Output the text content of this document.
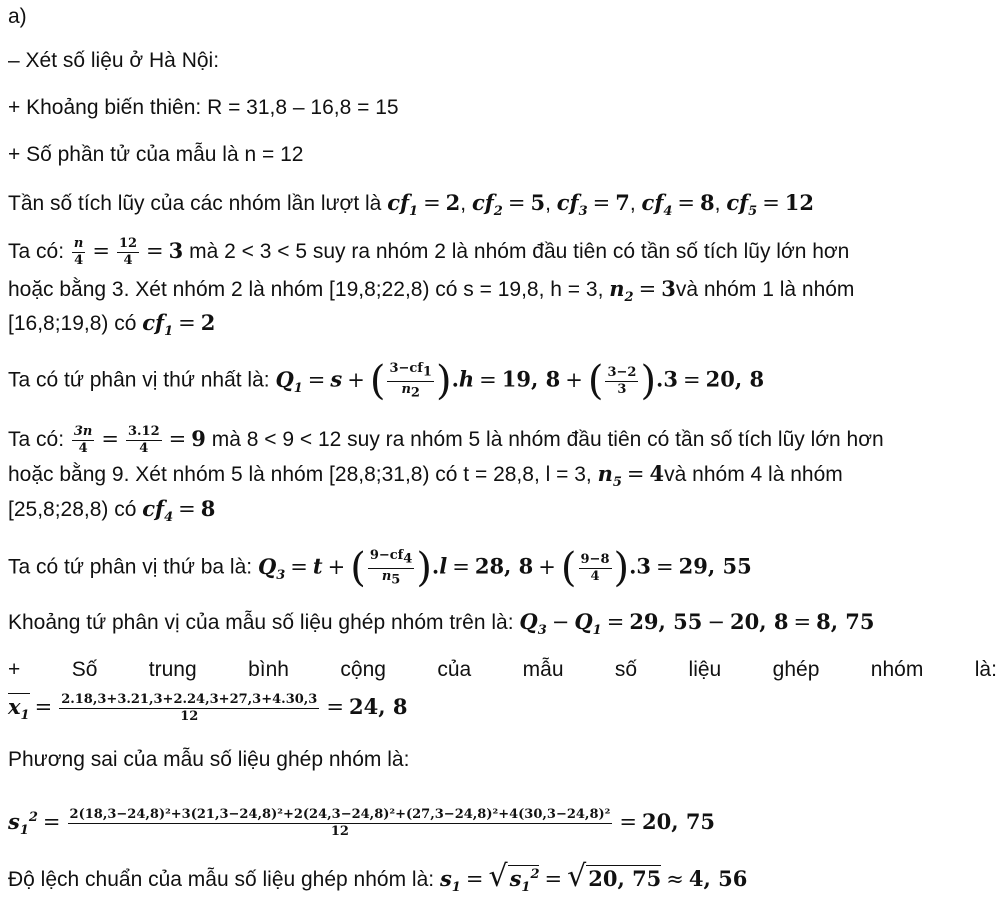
a)
– Xét số liệu ở Hà Nội:
+ Khoảng biến thiên: R = 31,8 – 16,8 = 15
+ Số phần tử của mẫu là n = 12
Tần số tích lũy của các nhóm lần lượt là $cf_1 = 2$, $cf_2 = 5$, $cf_3 = 7$, $cf_4 = 8$, $cf_5 = 12$
Ta có: $\frac{n}{4} = \frac{12}{4} = 3$ mà 2 < 3 < 5 suy ra nhóm 2 là nhóm đầu tiên có tần số tích lũy lớn hơn
hoặc bằng 3. Xét nhóm 2 là nhóm [19,8;22,8) có s = 19,8, h = 3, $n_2$ = 3và nhóm 1 là nhóm
[16,8;19,8) có $cf_1 = 2$
Ta có tứ phân vị thứ nhất là: $Q_1 = s$ + ( $\frac{3-cf_1}{n_2} ).h = 19$, 8 + ( $\frac{3-2}{3} ).3 = 20$, 8
Ta có: $\frac{3n}{4} = \frac{3.12}{4} = 9$ mà 8 < 9 < 12 suy ra nhóm 5 là nhóm đầu tiên có tần số tích lũy lớn hơn
hoặc bằng 9. Xét nhóm 5 là nhóm [28,8;31,8) có t = 28,8, l = 3, $n_5$ = 4và nhóm 4 là nhóm
[25,8;28,8) có $cf_4 = 8$
Ta có tứ phân vị thứ ba là: $Q_3 = t$ + ( $\frac{9-cf_4}{n_5} ).l = 28$, 8 + ( $\frac{9-8}{4} ).3 = 29$, 55
Khoảng tứ phân vị của mẫu số liệu ghép nhóm trên là: $Q_3 - Q_1 = 29$, 55 − 20, 8 = 8, 75
+ Số trung bình cộng của mẫu số liệu ghép nhóm là:
$x_1 = \frac{2.18,3+3.21,3+2.24,3+27,3+4.30,3}{12} = 24$, 8
Phương sai của mẫu số liệu ghép nhóm là:
$s_1^2 = 2(18,3-24,8)^2+3(21,3-24,8)^2+2(24,3-24,8)^2+(27,3-24,8)^2+4(30,3-24,8)^2$
12	= 20, 75
Độ lệch chuẩn của mẫu số liệu ghép nhóm là: $s_1 = √s_1^2 = √20$, 75 ≈ 4, 56
